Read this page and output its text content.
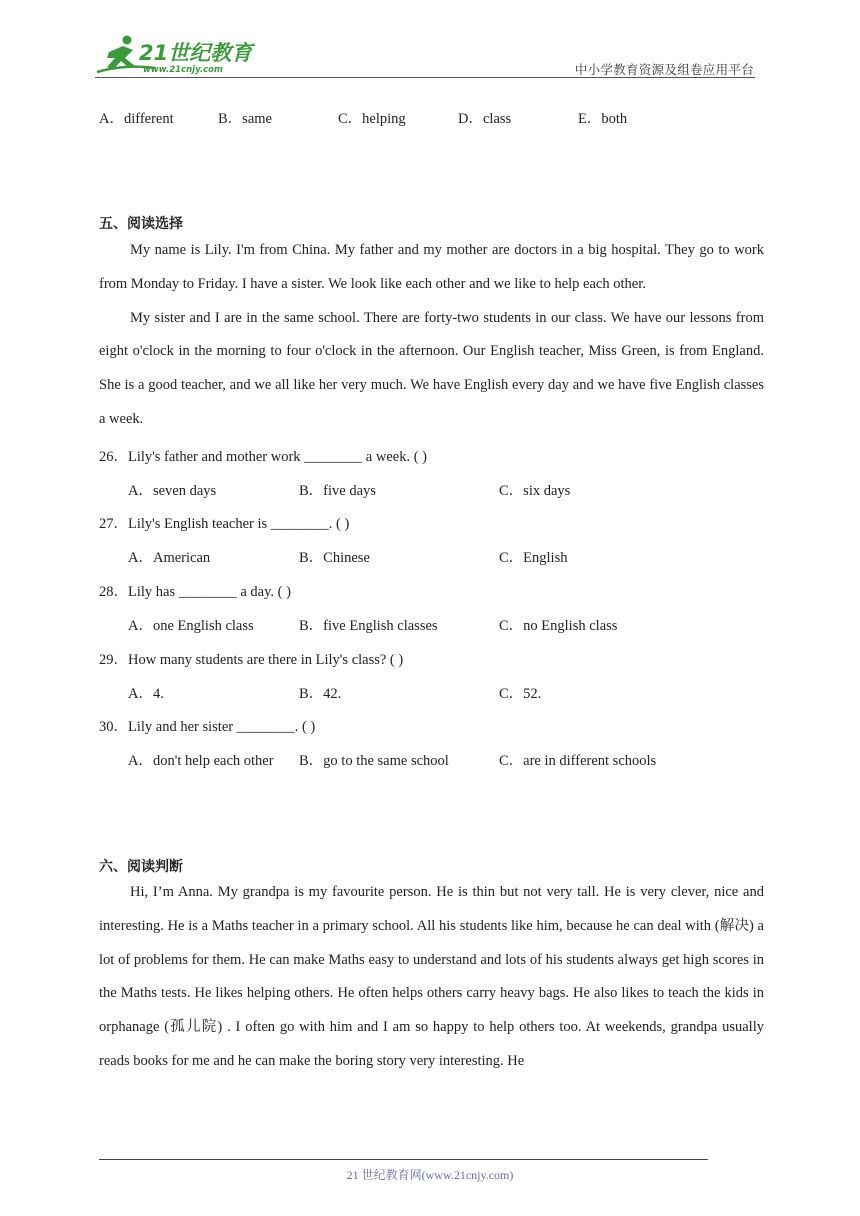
21世纪教育
www.21cnjy.com	中小学教育资源及组卷应用平台
A．different	B．same	C．helping	D．class	E．both
五、阅读选择

My name is Lily. I'm from China. My father and my mother are doctors in a big hospital. They go to work from Monday to Friday. I have a sister. We look like each other and we like to help each other.

My sister and I are in the same school. There are forty-two students in our class. We have our lessons from eight o'clock in the morning to four o'clock in the afternoon. Our English teacher, Miss Green, is from England. She is a good teacher, and we all like her very much. We have English every day and we have five English classes a week.

26．Lily's father and mother work ________ a week. ( )
A．seven days	B．five days	C．six days
27．Lily's English teacher is ________. ( )
A．American	B．Chinese	C．English
28．Lily has ________ a day. ( )
A．one English class	B．five English classes	C．no English class
29．How many students are there in Lily's class? ( )
A．4.	B．42.	C．52.
30．Lily and her sister ________. ( )
A．don't help each other B．go to the same school	C．are in different schools
六、阅读判断

Hi, I’m Anna. My grandpa is my favourite person. He is thin but not very tall. He is very clever, nice and interesting. He is a Maths teacher in a primary school. All his students like him, because he can deal with (解决) a lot of problems for them. He can make Maths easy to understand and lots of his students always get high scores in the Maths tests. He likes helping others. He often helps others carry heavy bags. He also likes to teach the kids in orphanage (孤儿院) . I often go with him and I am so happy to help others too. At weekends, grandpa usually reads books for me and he can make the boring story very interesting. He

21 世纪教育网(www.21cnjy.com)
